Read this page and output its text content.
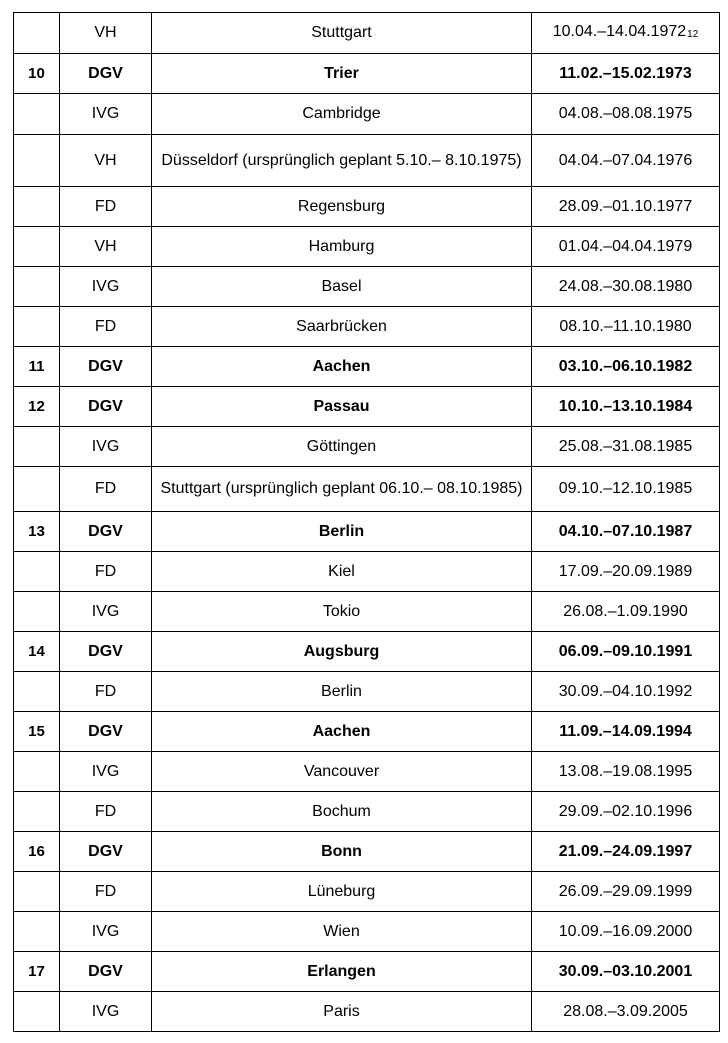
	VH	Stuttgart	10.04.–14.04.197212
10	DGV	Trier	11.02.–15.02.1973
	IVG	Cambridge	04.08.–08.08.1975
	VH	Düsseldorf (ursprünglich geplant 5.10.– 8.10.1975)	04.04.–07.04.1976
	FD	Regensburg	28.09.–01.10.1977
	VH	Hamburg	01.04.–04.04.1979
	IVG	Basel	24.08.–30.08.1980
	FD	Saarbrücken	08.10.–11.10.1980
11	DGV	Aachen	03.10.–06.10.1982
12	DGV	Passau	10.10.–13.10.1984
	IVG	Göttingen	25.08.–31.08.1985
	FD	Stuttgart (ursprünglich geplant 06.10.– 08.10.1985)	09.10.–12.10.1985
13	DGV	Berlin	04.10.–07.10.1987
	FD	Kiel	17.09.–20.09.1989
	IVG	Tokio	26.08.–1.09.1990
14	DGV	Augsburg	06.09.–09.10.1991
	FD	Berlin	30.09.–04.10.1992
15	DGV	Aachen	11.09.–14.09.1994
	IVG	Vancouver	13.08.–19.08.1995
	FD	Bochum	29.09.–02.10.1996
16	DGV	Bonn	21.09.–24.09.1997
	FD	Lüneburg	26.09.–29.09.1999
	IVG	Wien	10.09.–16.09.2000
17	DGV	Erlangen	30.09.–03.10.2001
	IVG	Paris	28.08.–3.09.2005
